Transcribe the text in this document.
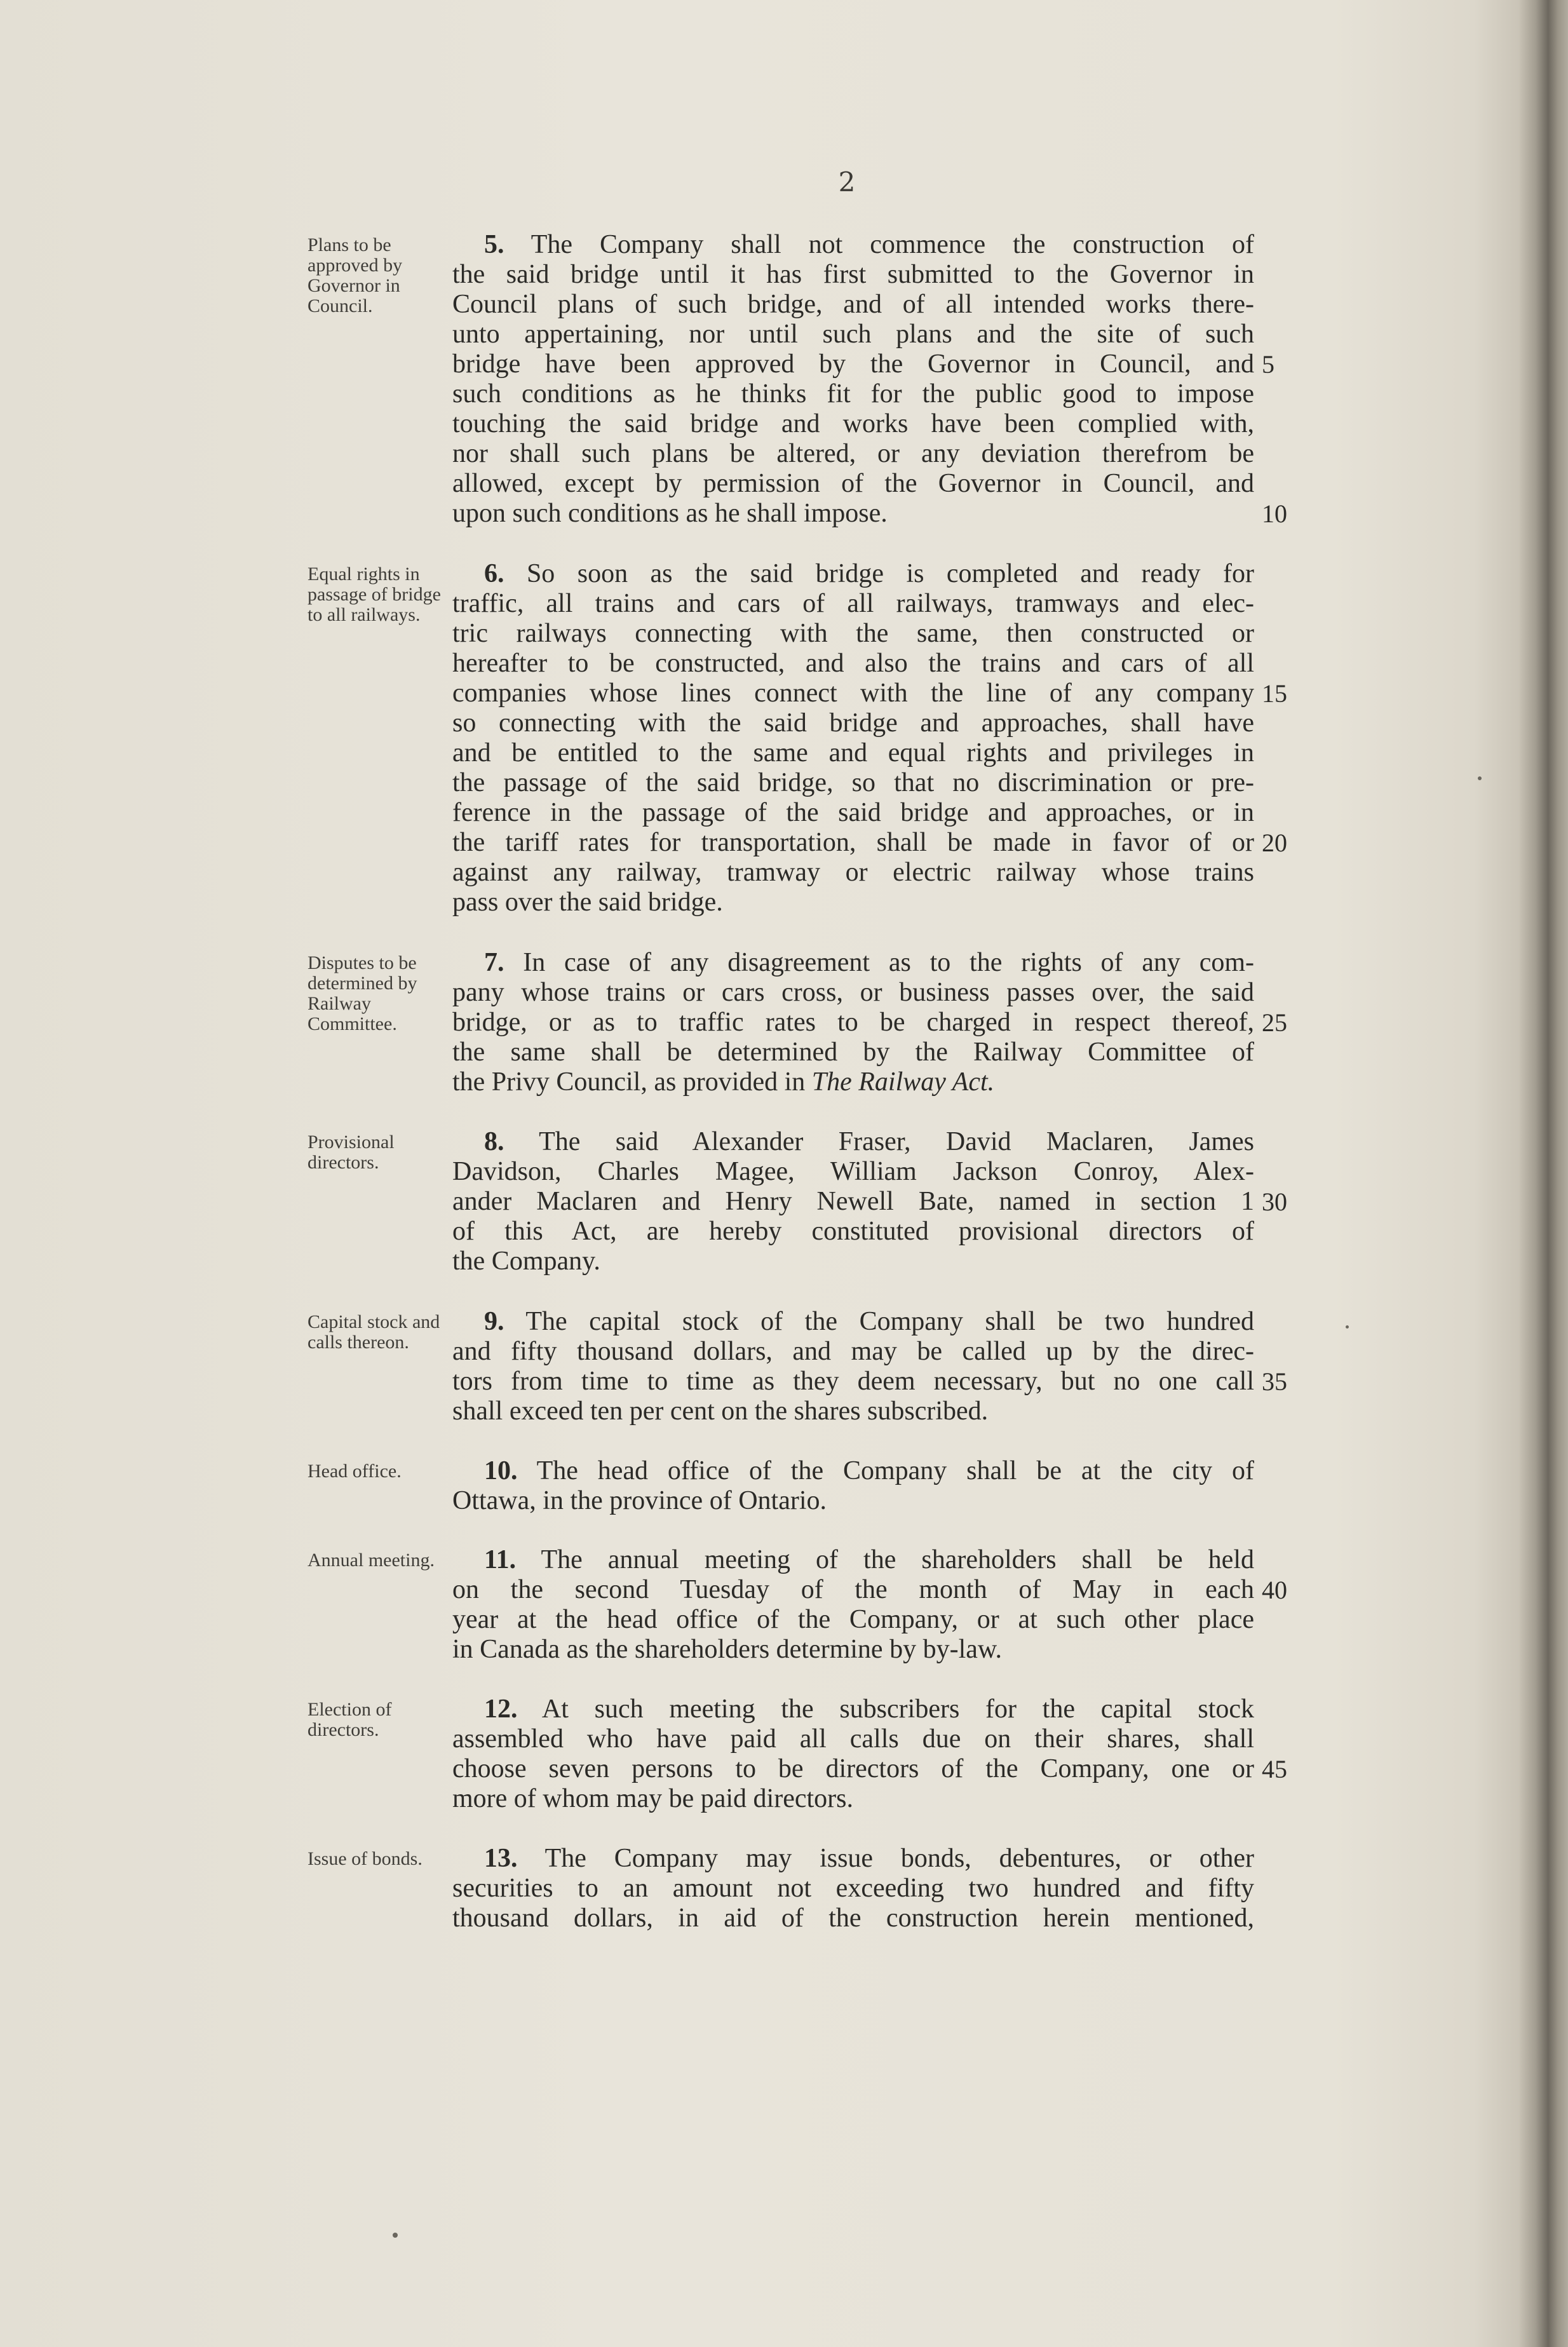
2
Plans to be approved by Governor in Council.
5. The Company shall not commence the construction of
the said bridge until it has first submitted to the Governor in
Council plans of such bridge, and of all intended works there-
unto appertaining, nor until such plans and the site of such
bridge have been approved by the Governor in Council, and 5
such conditions as he thinks fit for the public good to impose
touching the said bridge and works have been complied with,
nor shall such plans be altered, or any deviation therefrom be
allowed, except by permission of the Governor in Council, and
upon such conditions as he shall impose.	10
Equal rights in passage of bridge to all railways.
6. So soon as the said bridge is completed and ready for
traffic, all trains and cars of all railways, tramways and elec-
tric railways connecting with the same, then constructed or
hereafter to be constructed, and also the trains and cars of all
companies whose lines connect with the line of any company 15
so connecting with the said bridge and approaches, shall have
and be entitled to the same and equal rights and privileges in
the passage of the said bridge, so that no discrimination or pre-
ference in the passage of the said bridge and approaches, or in
the tariff rates for transportation, shall be made in favor of or 20
against any railway, tramway or electric railway whose trains
pass over the said bridge.
Disputes to be determined by Railway Committee.
7. In case of any disagreement as to the rights of any com-
pany whose trains or cars cross, or business passes over, the said
bridge, or as to traffic rates to be charged in respect thereof, 25
the same shall be determined by the Railway Committee of
the Privy Council, as provided in The Railway Act.
Provisional directors.
8. The said Alexander Fraser, David Maclaren, James
Davidson, Charles Magee, William Jackson Conroy, Alex-
ander Maclaren and Henry Newell Bate, named in section 1 30
of this Act, are hereby constituted provisional directors of
the Company.
Capital stock and calls thereon.
9. The capital stock of the Company shall be two hundred
and fifty thousand dollars, and may be called up by the direc-
tors from time to time as they deem necessary, but no one call 35
shall exceed ten per cent on the shares subscribed.
Head office.	10. The head office of the Company shall be at the city of
Ottawa, in the province of Ontario.
Annual meeting.	11. The annual meeting of the shareholders shall be held
on the second Tuesday of the month of May in each 40
year at the head office of the Company, or at such other place
in Canada as the shareholders determine by by-law.
Election of directors.
12. At such meeting the subscribers for the capital stock
assembled who have paid all calls due on their shares, shall
choose seven persons to be directors of the Company, one or 45
more of whom may be paid directors.
Issue of bonds.	13. The Company may issue bonds, debentures, or other
securities to an amount not exceeding two hundred and fifty
thousand dollars, in aid of the construction herein mentioned,
